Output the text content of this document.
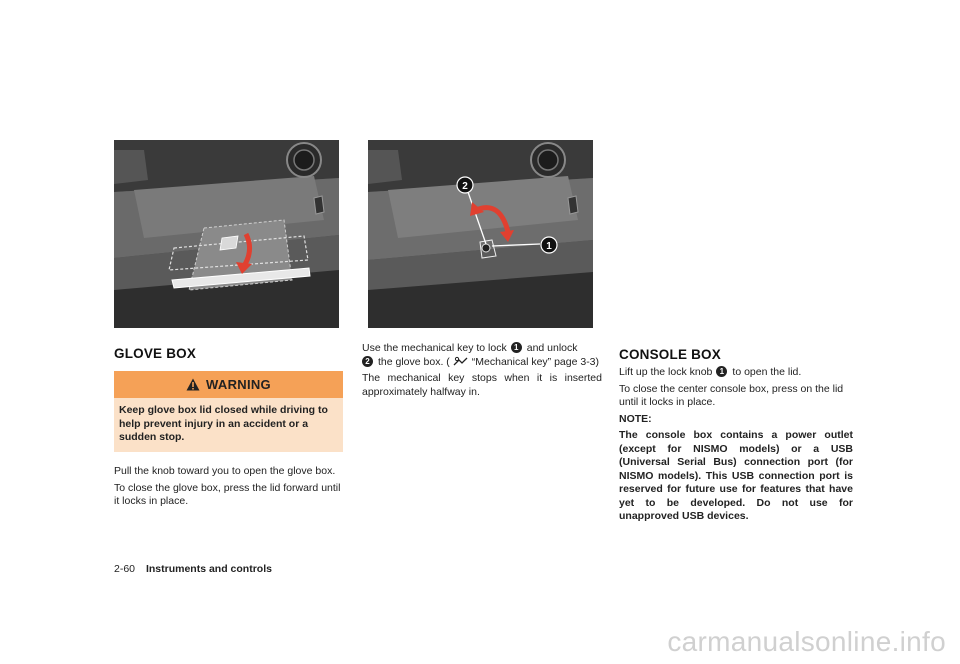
2
1
GLOVE BOX
WARNING
Keep glove box lid closed while driving to help prevent injury in an accident or a sudden stop.

Pull the knob toward you to open the glove box.

To close the glove box, press the lid forward until it locks in place.

Use the mechanical key to lock 1 and unlock
2 the glove box. ( “Mechanical key” page 3-3)

The mechanical key stops when it is inserted approximately halfway in.

CONSOLE BOX

Lift up the lock knob 1 to open the lid.

To close the center console box, press on the lid until it locks in place.

NOTE:

The console box contains a power outlet (except for NISMO models) or a USB (Universal Serial Bus) connection port (for NISMO models). This USB connection port is reserved for future use for features that have yet to be developed. Do not use for unapproved USB devices.

2-60 Instruments and controls
carmanualsonline.info
